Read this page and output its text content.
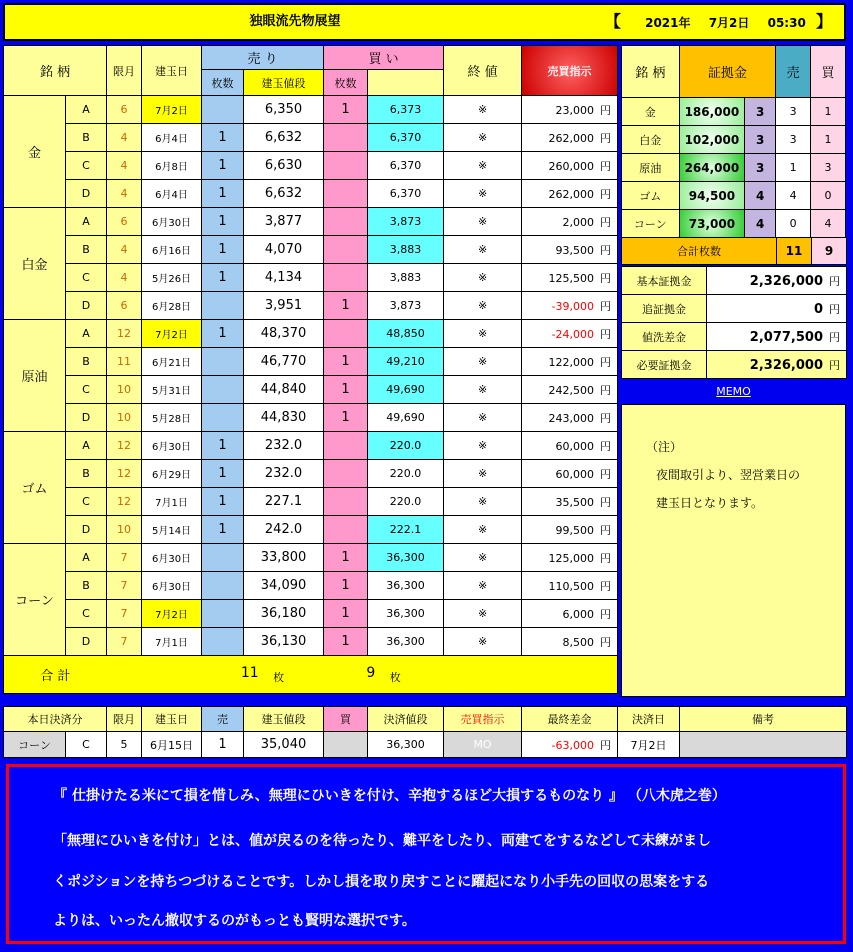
独眼流先物展望	【 2021年 7月2日 05:30 】
銘 柄		限月	建玉日	売 り		買 い		終 値	売買指示	
				枚数	建玉値段	枚数				
金	A	6	7月2日		6,350	1	6,373	※	23,000 円	
	B	4	6月4日	1	6,632		6,370	※	262,000 円	
	C	4	6月8日	1	6,630		6,370	※	260,000 円	
	D	4	6月4日	1	6,632		6,370	※	262,000 円	
白金	A	6	6月30日	1	3,877		3,873	※	2,000 円	
	B	4	6月16日	1	4,070		3,883	※	93,500 円	
	C	4	5月26日	1	4,134		3,883	※	125,500 円	
	D	6	6月28日		3,951	1	3,873	※	-39,000 円	
原油	A	12	7月2日	1	48,370		48,850	※	-24,000 円	
	B	11	6月21日		46,770	1	49,210	※	122,000 円	
	C	10	5月31日		44,840	1	49,690	※	242,500 円	
	D	10	5月28日		44,830	1	49,690	※	243,000 円	
ゴム	A	12	6月30日	1	232.0		220.0	※	60,000 円	
	B	12	6月29日	1	232.0		220.0	※	60,000 円	
	C	12	7月1日	1	227.1		220.0	※	35,500 円	
	D	10	5月14日	1	242.0		222.1	※	99,500 円	
コーン	A	7	6月30日		33,800	1	36,300	※	125,000 円	
	B	7	6月30日		34,090	1	36,300	※	110,500 円	
	C	7	7月2日		36,180	1	36,300	※	6,000 円	
	D	7	7月1日		36,130	1	36,300	※	8,500 円	
合 計				11 $_枚$		9 $_枚$		
銘 柄	証拠金		売	買
金	186,000	3	3	1
白金	102,000	3	3	1
原油	264,000	3	1	3
ゴム	94,500	4	4	0
コーン	73,000	4	0	4
合計枚数	11	9
基本証拠金	2,326,000 円
追証拠金	0 円
値洗差金	2,077,500 円
必要証拠金	2,326,000 円
MEMO
（注）
夜間取引より、翌営業日の
建玉日となります。
本日決済分		限月	建玉日	売	建玉値段	買	決済値段	売買指示	最終差金	決済日	備考
コーン	C	5	6月15日	1	35,040		36,300	MO	-63,000 円	7月2日	
『 仕掛けたる米にて損を惜しみ、無理にひいきを付け、辛抱するほど大損するものなり 』 （八木虎之巻）
「無理にひいきを付け」とは、値が戻るのを待ったり、難平をしたり、両建てをするなどして未練がまし
くポジションを持ちつづけることです。しかし損を取り戻すことに躍起になり小手先の回収の思案をする
よりは、いったん撤収するのがもっとも賢明な選択です。
